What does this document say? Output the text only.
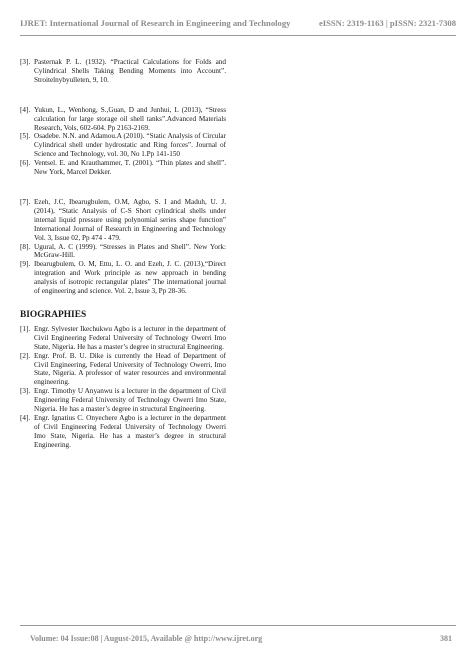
IJRET: International Journal of Research in Engineering and Technology	eISSN: 2319-1163 | pISSN: 2321-7308
[3]. Pasternak P. L. (1932). “Practical Calculations for Folds and Cylindrical Shells Taking Bending Moments into Account”. Stroitelnybyulleten, 9, 10.
[4]. Yukun, L., Wenhong, S.,Guan, D and Junhui, L (2013), “Stress calculation for large storage oil shell tanks”.Advanced Materials Research, Vols, 602-604. Pp 2163-2169.
[5]. Osadebe. N.N. and Adamou.A (2010). “Static Analysis of Circular Cylindrical shell under hydrostatic and Ring forces”. Journal of Science and Technology, vol. 30, No 1.Pp 141-150
[6]. Ventsel. E. and Krauthammer, T. (2001). “Thin plates and shell”. New York, Marcel Dekker.
[7]. Ezeh, J.C, Ibearugbulem, O.M, Agbo, S. I and Maduh, U. J. (2014), “Static Analysis of C-S Short cylindrical shells under internal liquid pressure using polynomial series shape function” International Journal of Research in Engineering and Technology Vol. 3, Issue 02, Pp 474 - 479.
[8]. Ugural, A. C (1999). “Stresses in Plates and Shell”. New York: McGraw-Hill.
[9]. Ibearugbulem, O. M, Ettu, L. O. and Ezeh, J. C. (2013),“Direct integration and Work principle as new approach in bending analysis of isotropic rectangular plates” The international journal of engineering and science. Vol. 2, Issue 3, Pp 28-36.
BIOGRAPHIES
[1]. Engr. Sylvester Ikechukwu Agbo is a lecturer in the department of Civil Engineering Federal University of Technology Owerri Imo State, Nigeria. He has a master’s degree in structural Engineering.
[2]. Engr. Prof. B. U. Dike is currently the Head of Department of Civil Engineering, Federal University of Technology Owerri, Imo State, Nigeria. A professor of water resources and environmental engineering.
[3]. Engr. Timothy U Anyanwu is a lecturer in the department of Civil Engineering Federal University of Technology Owerri Imo State, Nigeria. He has a master’s degree in structural Engineering.
[4]. Engr. Ignatius C. Onyechere Agbo is a lecturer in the department of Civil Engineering Federal University of Technology Owerri Imo State, Nigeria. He has a master’s degree in structural Engineering.
Volume: 04 Issue:08 | August-2015, Available @ http://www.ijret.org	381
